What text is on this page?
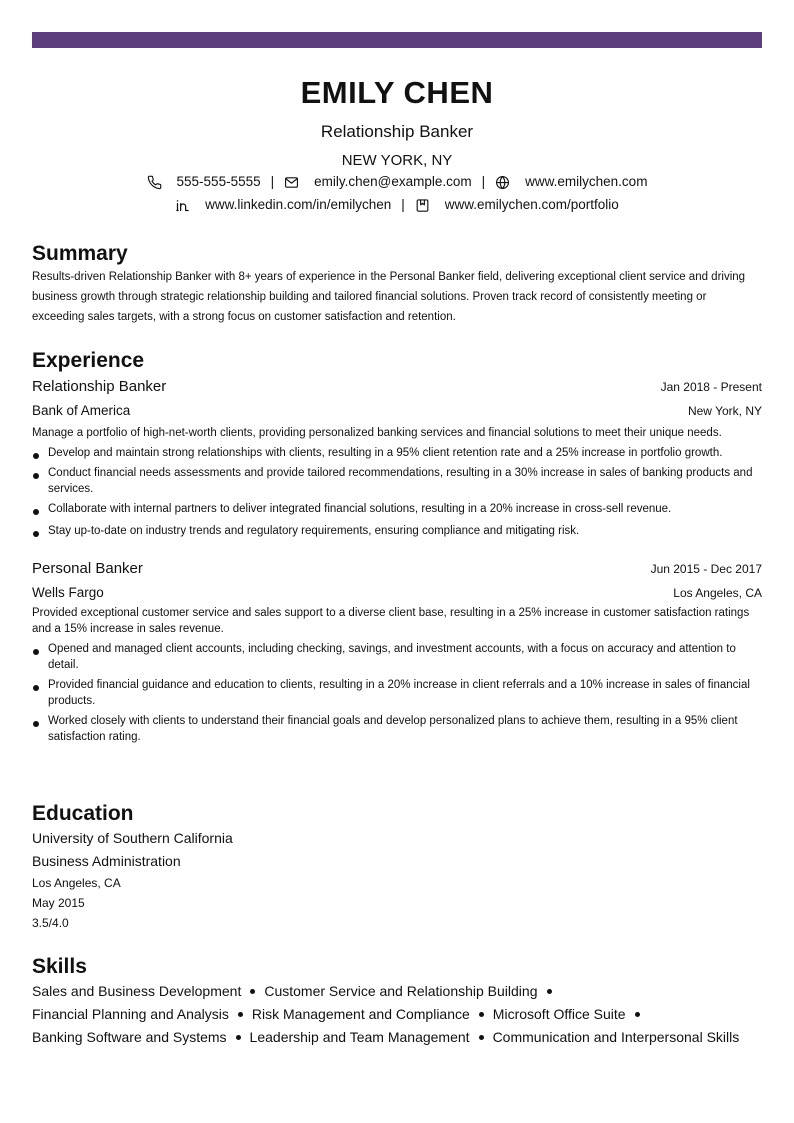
EMILY CHEN
Relationship Banker
NEW YORK, NY
555-555-5555 |	emily.chen@example.com |	www.emilychen.com
www.linkedin.com/in/emilychen |	www.emilychen.com/portfolio
Summary

Results-driven Relationship Banker with 8+ years of experience in the Personal Banker field, delivering exceptional client service and driving business growth through strategic relationship building and tailored financial solutions. Proven track record of consistently meeting or exceeding sales targets, with a strong focus on customer satisfaction and retention.

Experience
Relationship Banker	Jan 2018 - Present
Bank of America	New York, NY

Manage a portfolio of high-net-worth clients, providing personalized banking services and financial solutions to meet their unique needs.

Develop and maintain strong relationships with clients, resulting in a 95% client retention rate and a 25% increase in portfolio growth.
Conduct financial needs assessments and provide tailored recommendations, resulting in a 30% increase in sales of banking products and services.
Collaborate with internal partners to deliver integrated financial solutions, resulting in a 20% increase in cross-sell revenue.
Stay up-to-date on industry trends and regulatory requirements, ensuring compliance and mitigating risk.
Personal Banker	Jun 2015 - Dec 2017
Wells Fargo	Los Angeles, CA

Provided exceptional customer service and sales support to a diverse client base, resulting in a 25% increase in customer satisfaction ratings and a 15% increase in sales revenue.

Opened and managed client accounts, including checking, savings, and investment accounts, with a focus on accuracy and attention to detail.
Provided financial guidance and education to clients, resulting in a 20% increase in client referrals and a 10% increase in sales of financial products.
Worked closely with clients to understand their financial goals and develop personalized plans to achieve them, resulting in a 95% client satisfaction rating.
Education
University of Southern California
Business Administration
Los Angeles, CA
May 2015
3.5/4.0
Skills
Sales and Business Development Customer Service and Relationship Building
Financial Planning and Analysis Risk Management and Compliance Microsoft Office Suite
Banking Software and Systems Leadership and Team Management Communication and Interpersonal Skills
